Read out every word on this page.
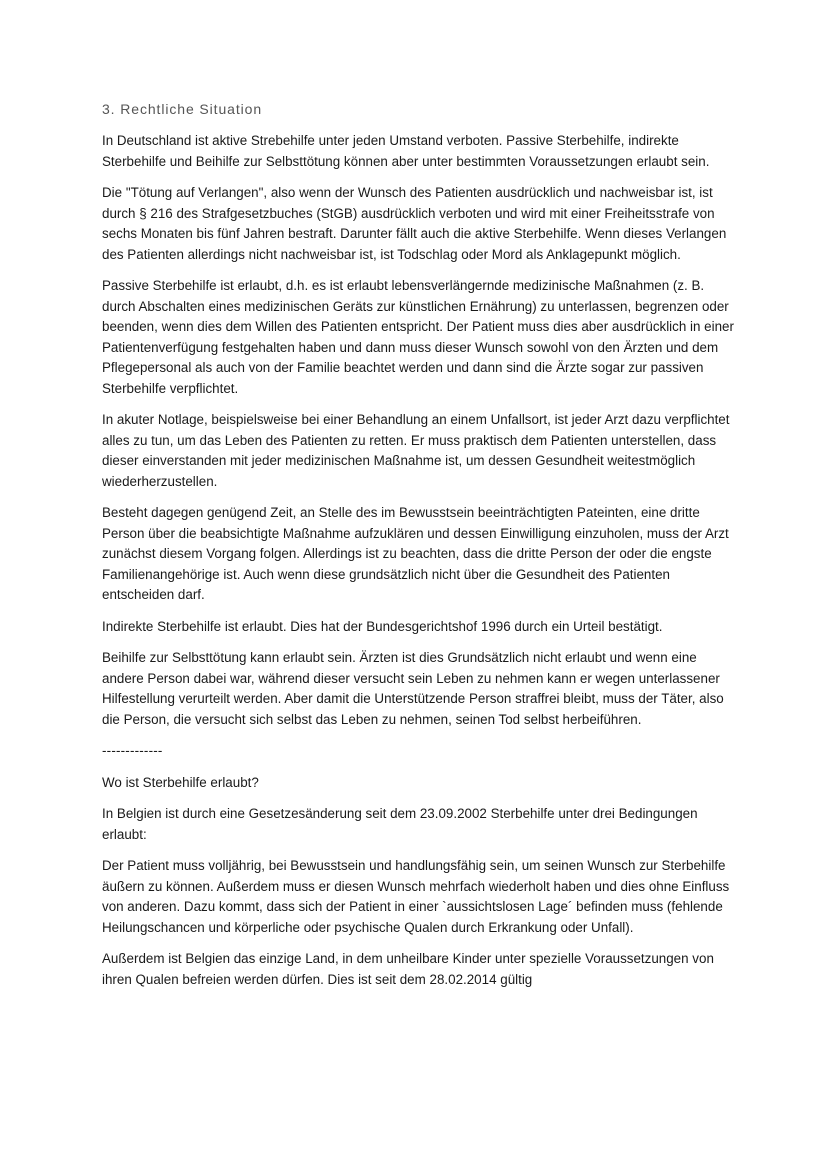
3. Rechtliche Situation

In Deutschland ist aktive Strebehilfe unter jeden Umstand verboten. Passive Sterbehilfe, indirekte Sterbehilfe und Beihilfe zur Selbsttötung können aber unter bestimmten Voraussetzungen erlaubt sein.

Die "Tötung auf Verlangen", also wenn der Wunsch des Patienten ausdrücklich und nachweisbar ist, ist durch § 216 des Strafgesetzbuches (StGB) ausdrücklich verboten und wird mit einer Freiheitsstrafe von sechs Monaten bis fünf Jahren bestraft. Darunter fällt auch die aktive Sterbehilfe. Wenn dieses Verlangen des Patienten allerdings nicht nachweisbar ist, ist Todschlag oder Mord als Anklagepunkt möglich.

Passive Sterbehilfe ist erlaubt, d.h. es ist erlaubt lebensverlängernde medizinische Maßnahmen (z. B. durch Abschalten eines medizinischen Geräts zur künstlichen Ernährung) zu unterlassen, begrenzen oder beenden, wenn dies dem Willen des Patienten entspricht. Der Patient muss dies aber ausdrücklich in einer Patientenverfügung festgehalten haben und dann muss dieser Wunsch sowohl von den Ärzten und dem Pflegepersonal als auch von der Familie beachtet werden und dann sind die Ärzte sogar zur passiven Sterbehilfe verpflichtet.

In akuter Notlage, beispielsweise bei einer Behandlung an einem Unfallsort, ist jeder Arzt dazu verpflichtet alles zu tun, um das Leben des Patienten zu retten. Er muss praktisch dem Patienten unterstellen, dass dieser einverstanden mit jeder medizinischen Maßnahme ist, um dessen Gesundheit weitestmöglich wiederherzustellen.

Besteht dagegen genügend Zeit, an Stelle des im Bewusstsein beeinträchtigten Pateinten, eine dritte Person über die beabsichtigte Maßnahme aufzuklären und dessen Einwilligung einzuholen, muss der Arzt zunächst diesem Vorgang folgen. Allerdings ist zu beachten, dass die dritte Person der oder die engste Familienangehörige ist. Auch wenn diese grundsätzlich nicht über die Gesundheit des Patienten entscheiden darf.

Indirekte Sterbehilfe ist erlaubt. Dies hat der Bundesgerichtshof 1996 durch ein Urteil bestätigt.

Beihilfe zur Selbsttötung kann erlaubt sein. Ärzten ist dies Grundsätzlich nicht erlaubt und wenn eine andere Person dabei war, während dieser versucht sein Leben zu nehmen kann er wegen unterlassener Hilfestellung verurteilt werden. Aber damit die Unterstützende Person straffrei bleibt, muss der Täter, also die Person, die versucht sich selbst das Leben zu nehmen, seinen Tod selbst herbeiführen.

-------------
Wo ist Sterbehilfe erlaubt?

In Belgien ist durch eine Gesetzesänderung seit dem 23.09.2002 Sterbehilfe unter drei Bedingungen erlaubt:

Der Patient muss volljährig, bei Bewusstsein und handlungsfähig sein, um seinen Wunsch zur Sterbehilfe äußern zu können. Außerdem muss er diesen Wunsch mehrfach wiederholt haben und dies ohne Einfluss von anderen. Dazu kommt, dass sich der Patient in einer `aussichtslosen Lage´ befinden muss (fehlende Heilungschancen und körperliche oder psychische Qualen durch Erkrankung oder Unfall).

Außerdem ist Belgien das einzige Land, in dem unheilbare Kinder unter spezielle Voraussetzungen von ihren Qualen befreien werden dürfen. Dies ist seit dem 28.02.2014 gültig
